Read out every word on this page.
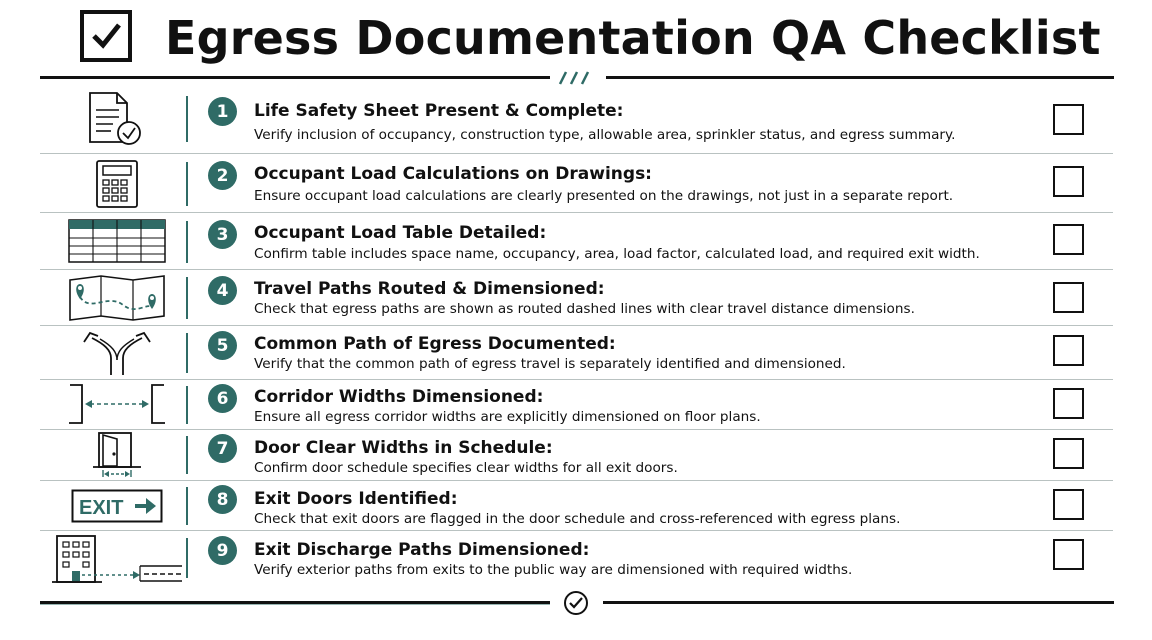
Egress Documentation QA Checklist
1	Life Safety Sheet Present & Complete:
Verify inclusion of occupancy, construction type, allowable area, sprinkler status, and egress summary.
2	Occupant Load Calculations on Drawings:
Ensure occupant load calculations are clearly presented on the drawings, not just in a separate report.
3	Occupant Load Table Detailed:
Confirm table includes space name, occupancy, area, load factor, calculated load, and required exit width.
4	Travel Paths Routed & Dimensioned:
Check that egress paths are shown as routed dashed lines with clear travel distance dimensions.
5	Common Path of Egress Documented:
Verify that the common path of egress travel is separately identified and dimensioned.
6	Corridor Widths Dimensioned:
Ensure all egress corridor widths are explicitly dimensioned on floor plans.
7	Door Clear Widths in Schedule:
Confirm door schedule specifies clear widths for all exit doors.
EXIT	8	Exit Doors Identified:
Check that exit doors are flagged in the door schedule and cross-referenced with egress plans.
9	Exit Discharge Paths Dimensioned:
Verify exterior paths from exits to the public way are dimensioned with required widths.
